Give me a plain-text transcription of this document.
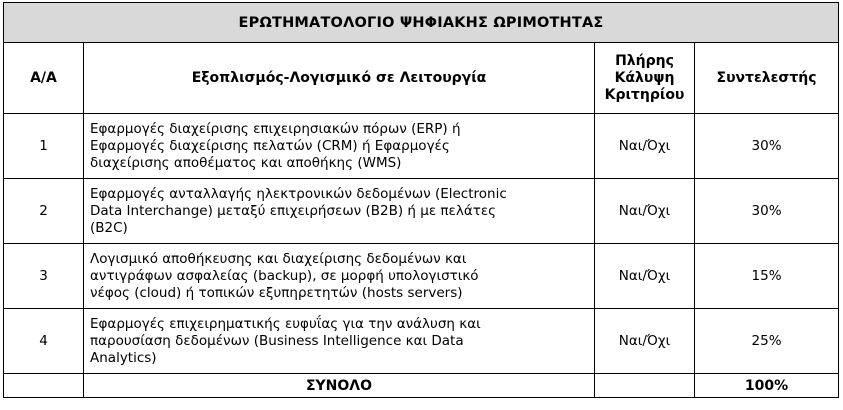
ΕΡΩΤΗΜΑΤΟΛΟΓΙΟ ΨΗΦΙΑΚΗΣ ΩΡΙΜΟΤΗΤΑΣ			
Α/Α	Εξοπλισμός-Λογισμικό σε Λειτουργία	Πλήρης
Κάλυψη
Κριτηρίου	Συντελεστής
1	Εφαρμογές διαχείρισης επιχειρησιακών πόρων (ERP) ή
Εφαρμογές διαχείρισης πελατών (CRM) ή Εφαρμογές
διαχείρισης αποθέματος και αποθήκης (WMS)	Ναι/Όχι	30%
2	Εφαρμογές ανταλλαγής ηλεκτρονικών δεδομένων (Electronic
Data Interchange) μεταξύ επιχειρήσεων (B2B) ή με πελάτες
(B2C)	Ναι/Όχι	30%
3	Λογισμικό αποθήκευσης και διαχείρισης δεδομένων και
αντιγράφων ασφαλείας (backup), σε μορφή υπολογιστικό
νέφος (cloud) ή τοπικών εξυπηρετητών (hosts servers)	Ναι/Όχι	15%
4	Εφαρμογές επιχειρηματικής ευφυΐας για την ανάλυση και
παρουσίαση δεδομένων (Business Intelligence και Data
Analytics)	Ναι/Όχι	25%
	ΣΥΝΟΛΟ		100%
